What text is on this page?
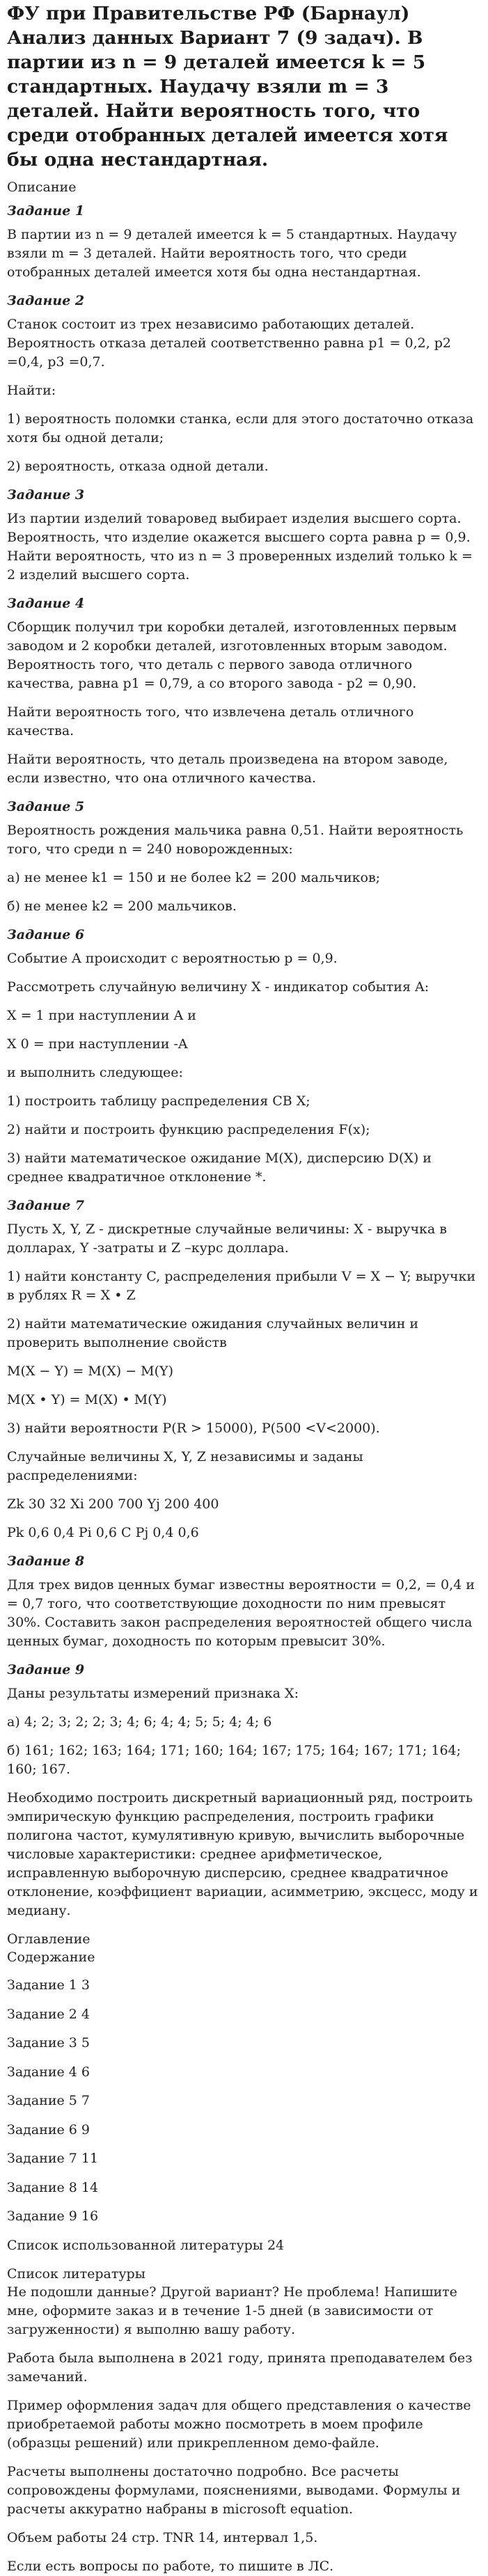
ФУ при Правительстве РФ (Барнаул) Анализ данных Вариант 7 (9 задач). В партии из n = 9 деталей имеется k = 5 стандартных. Наудачу взяли m = 3 деталей. Найти вероятность того, что среди отобранных деталей имеется хотя бы одна нестандартная.
Описание
Задание 1

В партии из n = 9 деталей имеется k = 5 стандартных. Наудачу взяли m = 3 деталей. Найти вероятность того, что среди отобранных деталей имеется хотя бы одна нестандартная.

Задание 2

Станок состоит из трех независимо работающих деталей. Вероятность отказа деталей соответственно равна p1 = 0,2, p2 =0,4, p3 =0,7.

Найти:

1) вероятность поломки станка, если для этого достаточно отказа хотя бы одной детали;

2) вероятность, отказа одной детали.

Задание 3

Из партии изделий товаровед выбирает изделия высшего сорта. Вероятность, что изделие окажется высшего сорта равна p = 0,9. Найти вероятность, что из n = 3 проверенных изделий только k = 2 изделий высшего сорта.

Задание 4

Сборщик получил три коробки деталей, изготовленных первым заводом и 2 коробки деталей, изготовленных вторым заводом. Вероятность того, что деталь с первого завода отличного качества, равна p1 = 0,79, а со второго завода - p2 = 0,90.

Найти вероятность того, что извлечена деталь отличного качества.

Найти вероятность, что деталь произведена на втором заводе, если известно, что она отличного качества.

Задание 5

Вероятность рождения мальчика равна 0,51. Найти вероятность того, что среди n = 240 новорожденных:

а) не менее k1 = 150 и не более k2 = 200 мальчиков;

б) не менее k2 = 200 мальчиков.

Задание 6

Событие A происходит с вероятностью p = 0,9.

Рассмотреть случайную величину X - индикатор события A:

X = 1 при наступлении A и

X 0 = при наступлении -A

и выполнить следующее:

1) построить таблицу распределения СВ X;

2) найти и построить функцию распределения F(x);

3) найти математическое ожидание M(X), дисперсию D(X) и среднее квадратичное отклонение *.

Задание 7

Пусть X, Y, Z - дискретные случайные величины: X - выручка в долларах, Y -затраты и Z –курс доллара.

1) найти константу C, распределения прибыли V = X − Y; выручки в рублях R = X • Z

2) найти математические ожидания случайных величин и проверить выполнение свойств

M(X − Y) = M(X) − M(Y)

M(X • Y) = M(X) • M(Y)

3) найти вероятности P(R > 15000), P(500 <V<2000).

Случайные величины X, Y, Z независимы и заданы распределениями:

Zk 30 32 Xi 200 700 Yj 200 400

Pk 0,6 0,4 Pi 0,6 C Pj 0,4 0,6

Задание 8

Для трех видов ценных бумаг известны вероятности = 0,2, = 0,4 и = 0,7 того, что соответствующие доходности по ним превысят 30%. Составить закон распределения вероятностей общего числа ценных бумаг, доходность по которым превысит 30%.

Задание 9

Даны результаты измерений признака X:

а) 4; 2; 3; 2; 2; 3; 4; 6; 4; 4; 5; 5; 4; 4; 6

б) 161; 162; 163; 164; 171; 160; 164; 167; 175; 164; 167; 171; 164; 160; 167.

Необходимо построить дискретный вариационный ряд, построить эмпирическую функцию распределения, построить графики полигона частот, кумулятивную кривую, вычислить выборочные числовые характеристики: среднее арифметическое, исправленную выборочную дисперсию, среднее квадратичное отклонение, коэффициент вариации, асимметрию, эксцесс, моду и медиану.

Оглавление
Содержание
Задание 1 3
Задание 2 4
Задание 3 5
Задание 4 6
Задание 5 7
Задание 6 9
Задание 7 11
Задание 8 14
Задание 9 16
Список использованной литературы 24
Список литературы

Не подошли данные? Другой вариант? Не проблема! Напишите мне, оформите заказ и в течение 1-5 дней (в зависимости от загруженности) я выполню вашу работу.

Работа была выполнена в 2021 году, принята преподавателем без замечаний.

Пример оформления задач для общего представления о качестве приобретаемой работы можно посмотреть в моем профиле (образцы решений) или прикрепленном демо-файле.

Расчеты выполнены достаточно подробно. Все расчеты сопровождены формулами, пояснениями, выводами. Формулы и расчеты аккуратно набраны в microsoft equation.

Объем работы 24 стр. TNR 14, интервал 1,5.

Если есть вопросы по работе, то пишите в ЛС.
